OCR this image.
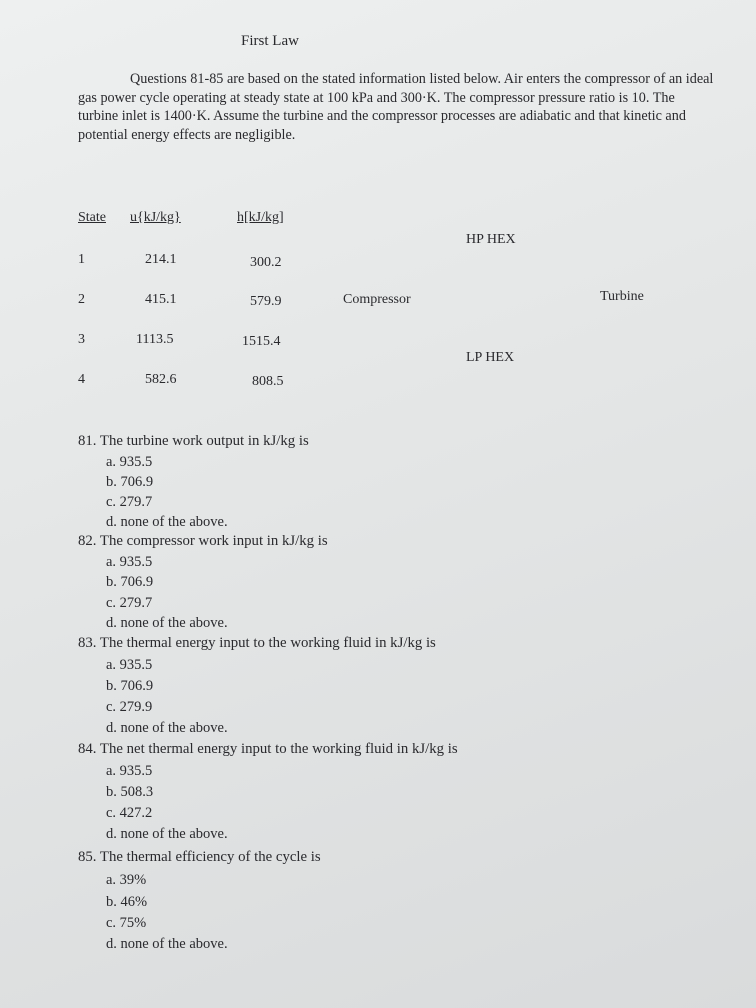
First Law
Questions 81-85 are based on the stated information listed below. Air enters the compressor of an ideal gas power cycle operating at steady state at 100 kPa and 300·K. The compressor pressure ratio is 10. The turbine inlet is 1400·K. Assume the turbine and the compressor processes are adiabatic and that kinetic and potential energy effects are negligible.
State u{kJ/kg}	h[kJ/kg]
1	214.1	300.2
2	415.1	579.9
3	1113.5	1515.4
4	582.6	808.5
HP HEX
Compressor	Turbine
LP HEX
81. The turbine work output in kJ/kg is
a. 935.5
b. 706.9
c. 279.7
d. none of the above.
82. The compressor work input in kJ/kg is
a. 935.5
b. 706.9
c. 279.7
d. none of the above.
83. The thermal energy input to the working fluid in kJ/kg is
a. 935.5
b. 706.9
c. 279.9
d. none of the above.
84. The net thermal energy input to the working fluid in kJ/kg is
a. 935.5
b. 508.3
c. 427.2
d. none of the above.
85. The thermal efficiency of the cycle is
a. 39%
b. 46%
c. 75%
d. none of the above.
